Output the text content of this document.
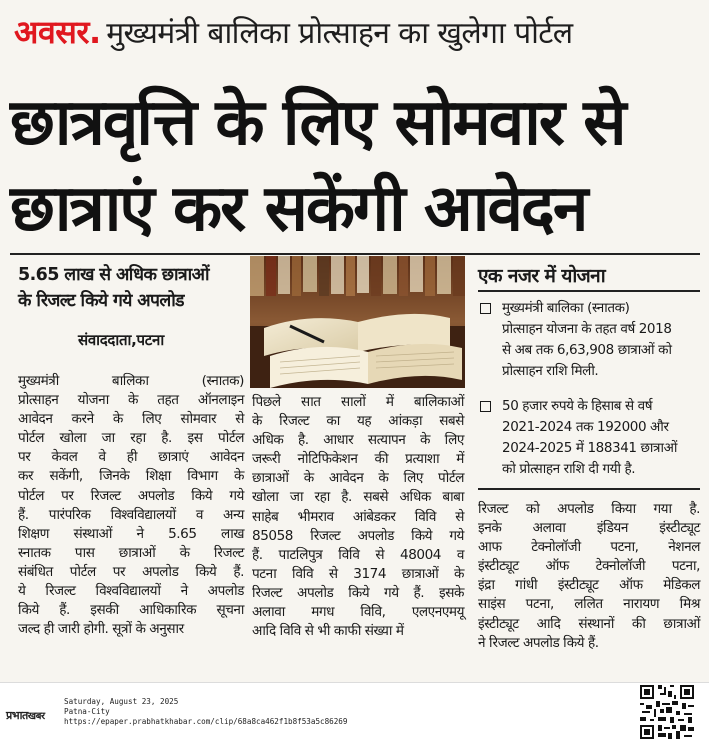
अवसर. मुख्यमंत्री बालिका प्रोत्साहन का खुलेगा पोर्टल
छात्रवृत्ति के लिए सोमवार से
छात्राएं कर सकेंगी आवेदन
5.65 लाख से अधिक छात्राओं
के रिजल्ट किये गये अपलोड
संवाददाता,पटना
एक नजर में योजना
मुख्यमंत्री बालिका (स्नातक)
प्रोत्साहन योजना के तहत वर्ष 2018
से अब तक 6,63,908 छात्राओं को
प्रोत्साहन राशि मिली.
50 हजार रुपये के हिसाब से वर्ष
2021-2024 तक 192000 और
2024-2025 में 188341 छात्राओं
को प्रोत्साहन राशि दी गयी है.
मुख्यमंत्री बालिका (स्नातक)
प्रोत्साहन योजना के तहत ऑनलाइन
आवेदन करने के लिए सोमवार से
पोर्टल खोला जा रहा है. इस पोर्टल
पर केवल वे ही छात्राएं आवेदन
कर सकेंगी, जिनके शिक्षा विभाग के
पोर्टल पर रिजल्ट अपलोड किये गये
हैं. पारंपरिक विश्वविद्यालयों व अन्य
शिक्षण संस्थाओं ने 5.65 लाख
स्नातक पास छात्राओं के रिजल्ट
संबंधित पोर्टल पर अपलोड किये हैं.
ये रिजल्ट विश्वविद्यालयों ने अपलोड
किये हैं. इसकी आधिकारिक सूचना
जल्द ही जारी होगी. सूत्रों के अनुसार
पिछले सात सालों में बालिकाओं
के रिजल्ट का यह आंकड़ा सबसे
अधिक है. आधार सत्यापन के लिए
जरूरी नोटिफिकेशन की प्रत्याशा में
छात्राओं के आवेदन के लिए पोर्टल
खोला जा रहा है. सबसे अधिक बाबा
साहेब भीमराव आंबेडकर विवि से
85058 रिजल्ट अपलोड किये गये
हैं. पाटलिपुत्र विवि से 48004 व
पटना विवि से 3174 छात्राओं के
रिजल्ट अपलोड किये गये हैं. इसके
अलावा मगध विवि, एलएनएमयू
आदि विवि से भी काफी संख्या में
रिजल्ट को अपलोड किया गया है.
इनके अलावा इंडियन इंस्टीट्यूट
आफ टेक्नोलॉजी पटना, नेशनल
इंस्टीट्यूट ऑफ टेक्नोलॉजी पटना,
इंद्रा गांधी इंस्टीट्यूट ऑफ मेडिकल
साइंस पटना, ललित नारायण मिश्र
इंस्टीट्यूट आदि संस्थानों की छात्राओं
ने रिजल्ट अपलोड किये हैं.
प्रभातखबर
Saturday, August 23, 2025
Patna-City
https://epaper.prabhatkhabar.com/clip/68a8ca462f1b8f53a5c86269
